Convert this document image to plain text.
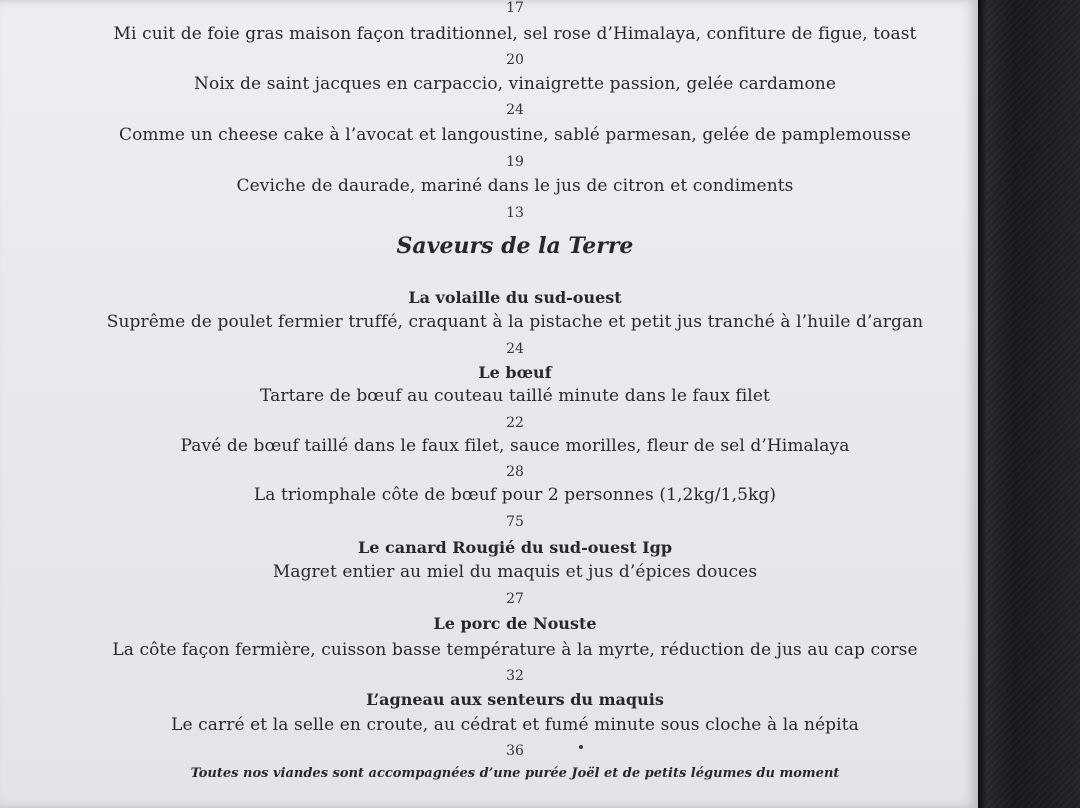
17
Mi cuit de foie gras maison façon traditionnel, sel rose d’Himalaya, confiture de figue, toast
20
Noix de saint jacques en carpaccio, vinaigrette passion, gelée cardamone
24
Comme un cheese cake à l’avocat et langoustine, sablé parmesan, gelée de pamplemousse
19
Ceviche de daurade, mariné dans le jus de citron et condiments
13
Saveurs de la Terre
La volaille du sud-ouest
Suprême de poulet fermier truffé, craquant à la pistache et petit jus tranché à l’huile d’argan
24
Le bœuf
Tartare de bœuf au couteau taillé minute dans le faux filet
22
Pavé de bœuf taillé dans le faux filet, sauce morilles, fleur de sel d’Himalaya
28
La triomphale côte de bœuf pour 2 personnes (1,2kg/1,5kg)
75
Le canard Rougié du sud-ouest Igp
Magret entier au miel du maquis et jus d’épices douces
27
Le porc de Nouste
La côte façon fermière, cuisson basse température à la myrte, réduction de jus au cap corse
32
L’agneau aux senteurs du maquis
Le carré et la selle en croute, au cédrat et fumé minute sous cloche à la népita
36
Toutes nos viandes sont accompagnées d’une purée Joël et de petits légumes du moment
